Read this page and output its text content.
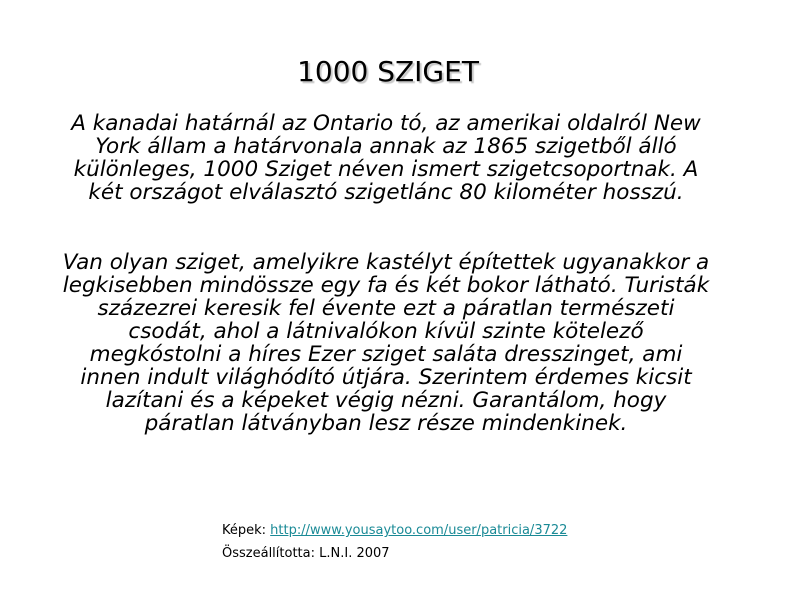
1000 SZIGET
A kanadai határnál az Ontario tó, az amerikai oldalról New York állam a határvonala annak az 1865 szigetből álló különleges, 1000 Sziget néven ismert szigetcsoportnak. A két országot elválasztó szigetlánc 80 kilométer hosszú.
Van olyan sziget, amelyikre kastélyt építettek ugyanakkor a legkisebben mindössze egy fa és két bokor látható. Turisták százezrei keresik fel évente ezt a páratlan természeti csodát, ahol a látnivalókon kívül szinte kötelező megkóstolni a híres Ezer sziget saláta dresszinget, ami innen indult világhódító útjára. Szerintem érdemes kicsit lazítani és a képeket végig nézni. Garantálom, hogy páratlan látványban lesz része mindenkinek.
Képek: http://www.yousaytoo.com/user/patricia/3722
Összeállította: L.N.I. 2007
